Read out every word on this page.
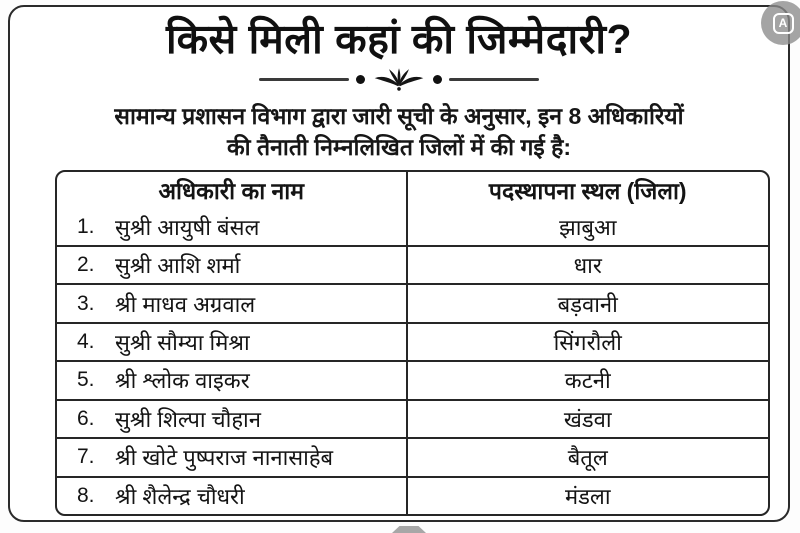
किसे मिली कहां की जिम्मेदारी?
सामान्य प्रशासन विभाग द्वारा जारी सूची के अनुसार, इन 8 अधिकारियों
की तैनाती निम्नलिखित जिलों में की गई है:
अधिकारी का नाम	पदस्थापना स्थल (जिला)
1. सुश्री आयुषी बंसल	झाबुआ
2. सुश्री आशि शर्मा	धार
3. श्री माधव अग्रवाल	बड़वानी
4. सुश्री सौम्या मिश्रा	सिंगरौली
5. श्री श्लोक वाइकर	कटनी
6. सुश्री शिल्पा चौहान	खंडवा
7. श्री खोटे पुष्पराज नानासाहेब	बैतूल
8. श्री शैलेन्द्र चौधरी	मंडला
A
